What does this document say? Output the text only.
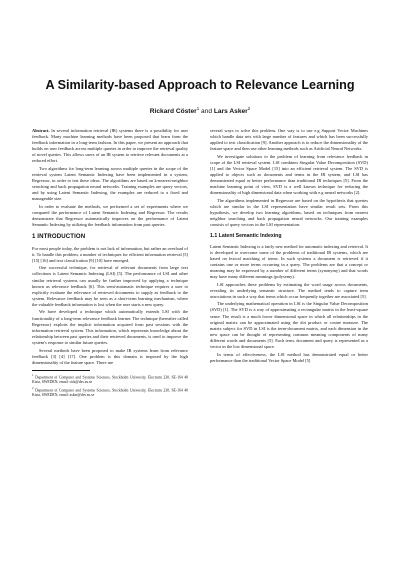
A Similarity-based Approach to Relevance Learning
Rickard Cöster$^1$ and Lars Asker$^2$

Abstract. In several information retrieval (IR) systems there is a possibility for user feedback. Many machine learning methods have been proposed that learn from the feedback information in a long-term fashion. In this paper, we present an approach that builds on user feedback across multiple queries in order to improve the retrieval quality of novel queries. This allows users of an IR system to retrieve relevant documents at a reduced effort.

Two algorithms for long-term learning across multiple queries in the scope of the retrieval system Latent Semantic Indexing have been implemented in a system, Regressor, in order to test these ideas. The algorithms are based on k-nearest-neighbor searching and back propagation neural networks. Training examples are query vectors, and by using Latent Semantic Indexing, the examples are reduced to a fixed and manageable size.

In order to evaluate the methods, we performed a set of experiments where we compared the performance of Latent Semantic Indexing and Regressor. The results demonstrate that Regressor automatically improves on the performance of Latent Semantic Indexing by utilizing the feedback information from past queries.

1 INTRODUCTION

For most people today, the problem is not lack of information, but rather an overload of it. To handle this problem, a number of techniques for efficient information retrieval [5] [15] [16] and text classification [9] [10] have emerged.

One successful technique, for retrieval of relevant documents from large text collections is Latent Semantic Indexing (LSI) [5]. The performance of LSI and other similar retrieval systems can usually be further improved by applying a technique known as relevance feedback [6]. This semi-automatic technique requires a user to explicitly evaluate the relevance of retrieved documents to supply as feedback to the system. Relevance feedback may be seen as a short-term learning mechanism, where the valuable feedback information is lost when the user starts a new query.

We have developed a technique which automatically extends LSI with the functionality of a long-term relevance feedback learner. The technique (hereafter called Regressor) exploits the implicit information acquired from past sessions with the information retrieval system. This information, which represents knowledge about the relationship between past queries and their retrieved documents, is used to improve the system's response to similar future queries.

Several methods have been proposed to make IR systems learn from relevance feedback [3] [4] [17]. One problem is this domain is imposed by the high dimensionality of the feature space. There are

$^1$ Department of Computer and Systems Sciences, Stockholm University, Electrum 230, SE-164 40 Kista, SWEDEN, email: rick@dsv.su.se

$^2$ Department of Computer and Systems Sciences, Stockholm University, Electrum 230, SE-164 40 Kista, SWEDEN, email: asker@dsv.su.se

several ways to solve this problem. One way is to use e.g Support Vector Machines which handle data sets with large number of features and which has been successfully applied to text classification [9]. Another approach is to reduce the dimensionality of the feature space and then use other learning methods such as Artificial Neural Networks.

We investigate solutions to the problem of learning from relevance feedback in scope of the LSI retrieval system. LSI combines Singular Value Decomposition (SVD) [1] and the Vector Space Model [15] into an efficient retrieval system. The SVD is applied to objects such as documents and terms in the IR system, and LSI has demonstrated equal or better performance than traditional IR techniques [5]. From the machine learning point of view, SVD is a well known technique for reducing the dimensionality of high dimensional data when working with e.g neural networks [2].

The algorithms implemented in Regressor are based on the hypothesis that queries which are similar in the LSI representation have similar result sets. From this hypothesis, we develop two learning algorithms, based on techniques from nearest neighbor searching and back propagation neural networks. Our training examples consists of query vectors in the LSI representation.

1.1 Latent Semantic Indexing

Latent Semantic Indexing is a fairly new method for automatic indexing and retrieval. It is developed to overcome some of the problems of traditional IR systems, which are based on lexical matching of terms. In such systems a document is retrieved if it contains one or more terms occurring in a query. The problems are that a concept or meaning may be expressed by a number of different terms (synonymy) and that words may have many different meanings (polysemy).

LSI approaches these problems by estimating the word usage across documents, revealing its underlying semantic structure. The method tends to capture term associations in such a way that terms which occur frequently together are associated [5].

The underlying mathematical operation in LSI is the Singular Value Decomposition (SVD) [1]. The SVD is a way of approximating a rectangular matrix in the least-square sense. The result is a much lower dimensional space in which all relationships in the original matrix can be approximated using the dot product or cosine measure. The matrix subject for SVD in LSI is the term-document matrix, and each dimension in the new space can be thought of representing common meaning components of many different words and documents [5]. Each term, document and query is represented as a vector in the low dimensional space.

In terms of effectiveness, the LSI method has demonstrated equal or better performance than the traditional Vector Space Model [5]
